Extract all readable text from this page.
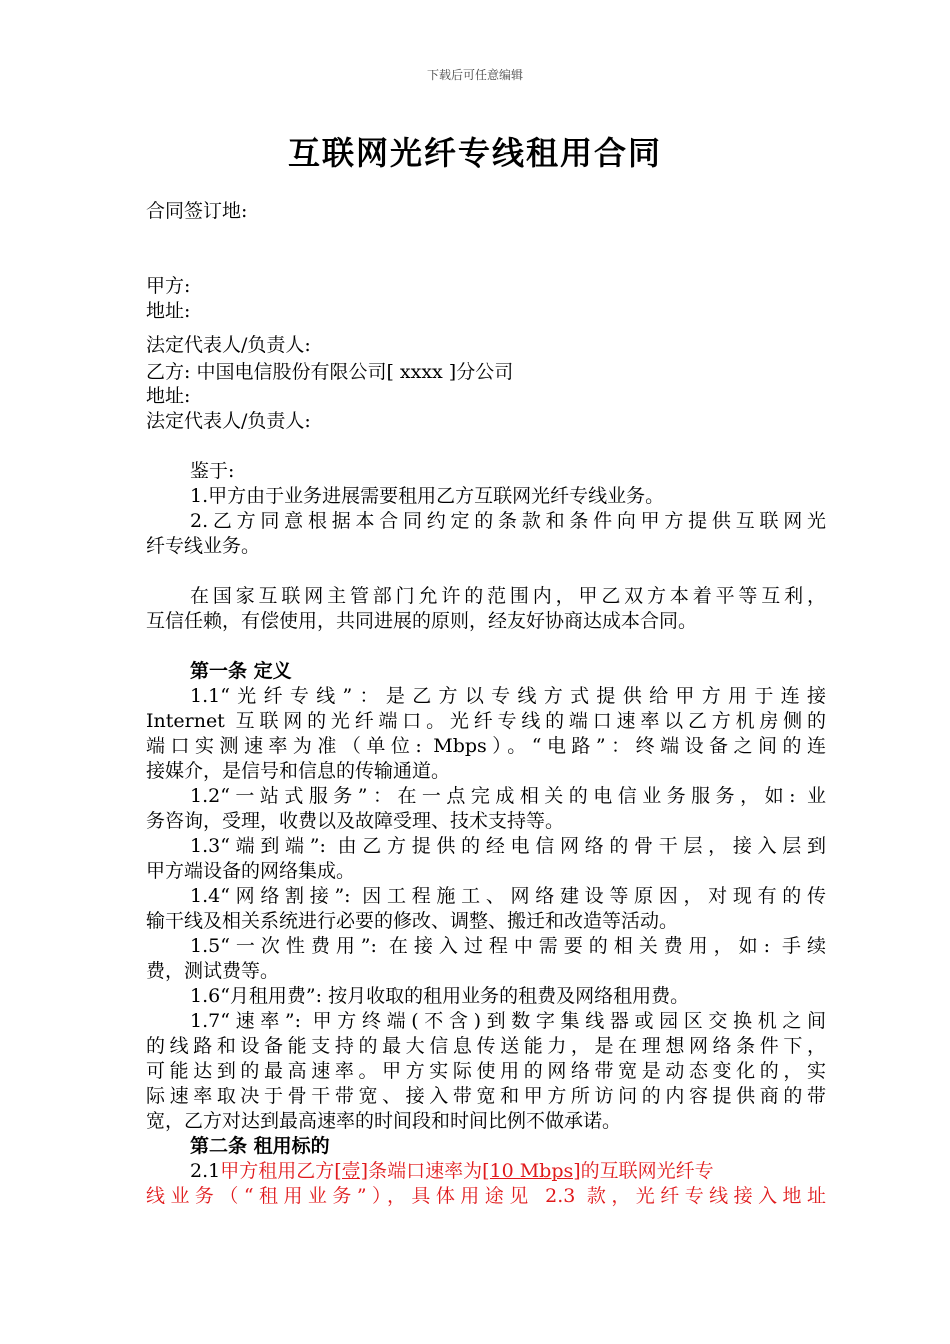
下载后可任意编辑
互联网光纤专线租用合同
合同签订地:
甲方:
地址:
法定代表人/负责人:
乙方: 中国电信股份有限公司[ xxxx ]分公司
地址:
法定代表人/负责人:
鉴于:
1.甲方由于业务进展需要租用乙方互联网光纤专线业务。
2.乙方同意根据本合同约定的条款和条件向甲方提供互联网光
纤专线业务。
在国家互联网主管部门允许的范围内，甲乙双方本着平等互利，
互信任赖，有偿使用，共同进展的原则，经友好协商达成本合同。
第一条 定义
1.1“光纤专线”：是乙方以专线方式提供给甲方用于连接
Internet 互联网的光纤端口。光纤专线的端口速率以乙方机房侧的
端口实测速率为准（单位: Mbps）。“电路”：终端设备之间的连
接媒介，是信号和信息的传输通道。
1.2“一站式服务”：在一点完成相关的电信业务服务，如: 业
务咨询，受理，收费以及故障受理、技术支持等。
1.3“端到端”: 由乙方提供的经电信网络的骨干层，接入层到
甲方端设备的网络集成。
1.4“网络割接”: 因工程施工、网络建设等原因，对现有的传
输干线及相关系统进行必要的修改、调整、搬迁和改造等活动。
1.5“一次性费用”: 在接入过程中需要的相关费用，如: 手续
费，测试费等。
1.6“月租用费”: 按月收取的租用业务的租费及网络租用费。
1.7“速率”: 甲方终端(不含)到数字集线器或园区交换机之间
的线路和设备能支持的最大信息传送能力，是在理想网络条件下，
可能达到的最高速率。甲方实际使用的网络带宽是动态变化的，实
际速率取决于骨干带宽、接入带宽和甲方所访问的内容提供商的带
宽，乙方对达到最高速率的时间段和时间比例不做承诺。
第二条 租用标的
2.1甲方租用乙方[壹]条端口速率为[10 Mbps]的互联网光纤专
线业务（“租用业务”），具体用途见 2.3 款，光纤专线接入地址
